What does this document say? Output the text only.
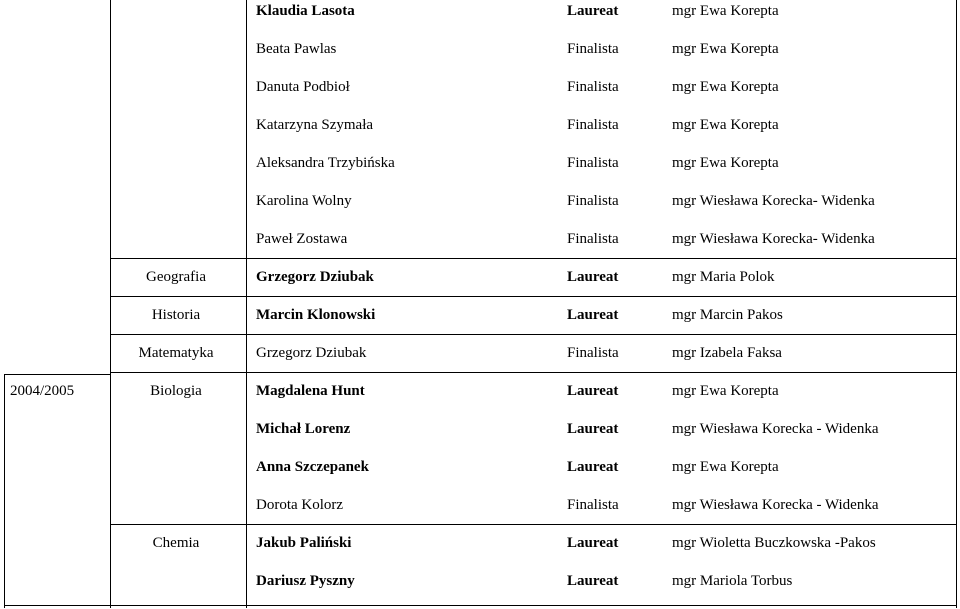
Klaudia Lasota	Laureat	mgr Ewa Korepta
Beata Pawlas	Finalista	mgr Ewa Korepta
Danuta Podbioł	Finalista	mgr Ewa Korepta
Katarzyna Szymała	Finalista	mgr Ewa Korepta
Aleksandra Trzybińska	Finalista	mgr Ewa Korepta
Karolina Wolny	Finalista	mgr Wiesława Korecka- Widenka
Paweł Zostawa	Finalista	mgr Wiesława Korecka- Widenka
Geografia	Grzegorz Dziubak	Laureat	mgr Maria Polok
Historia	Marcin Klonowski	Laureat	mgr Marcin Pakos
Matematyka	Grzegorz Dziubak	Finalista	mgr Izabela Faksa
2004/2005	Biologia	Magdalena Hunt	Laureat	mgr Ewa Korepta
Michał Lorenz	Laureat	mgr Wiesława Korecka - Widenka
Anna Szczepanek	Laureat	mgr Ewa Korepta
Dorota Kolorz	Finalista	mgr Wiesława Korecka - Widenka
Chemia	Jakub Paliński	Laureat	mgr Wioletta Buczkowska -Pakos
Dariusz Pyszny	Laureat	mgr Mariola Torbus
